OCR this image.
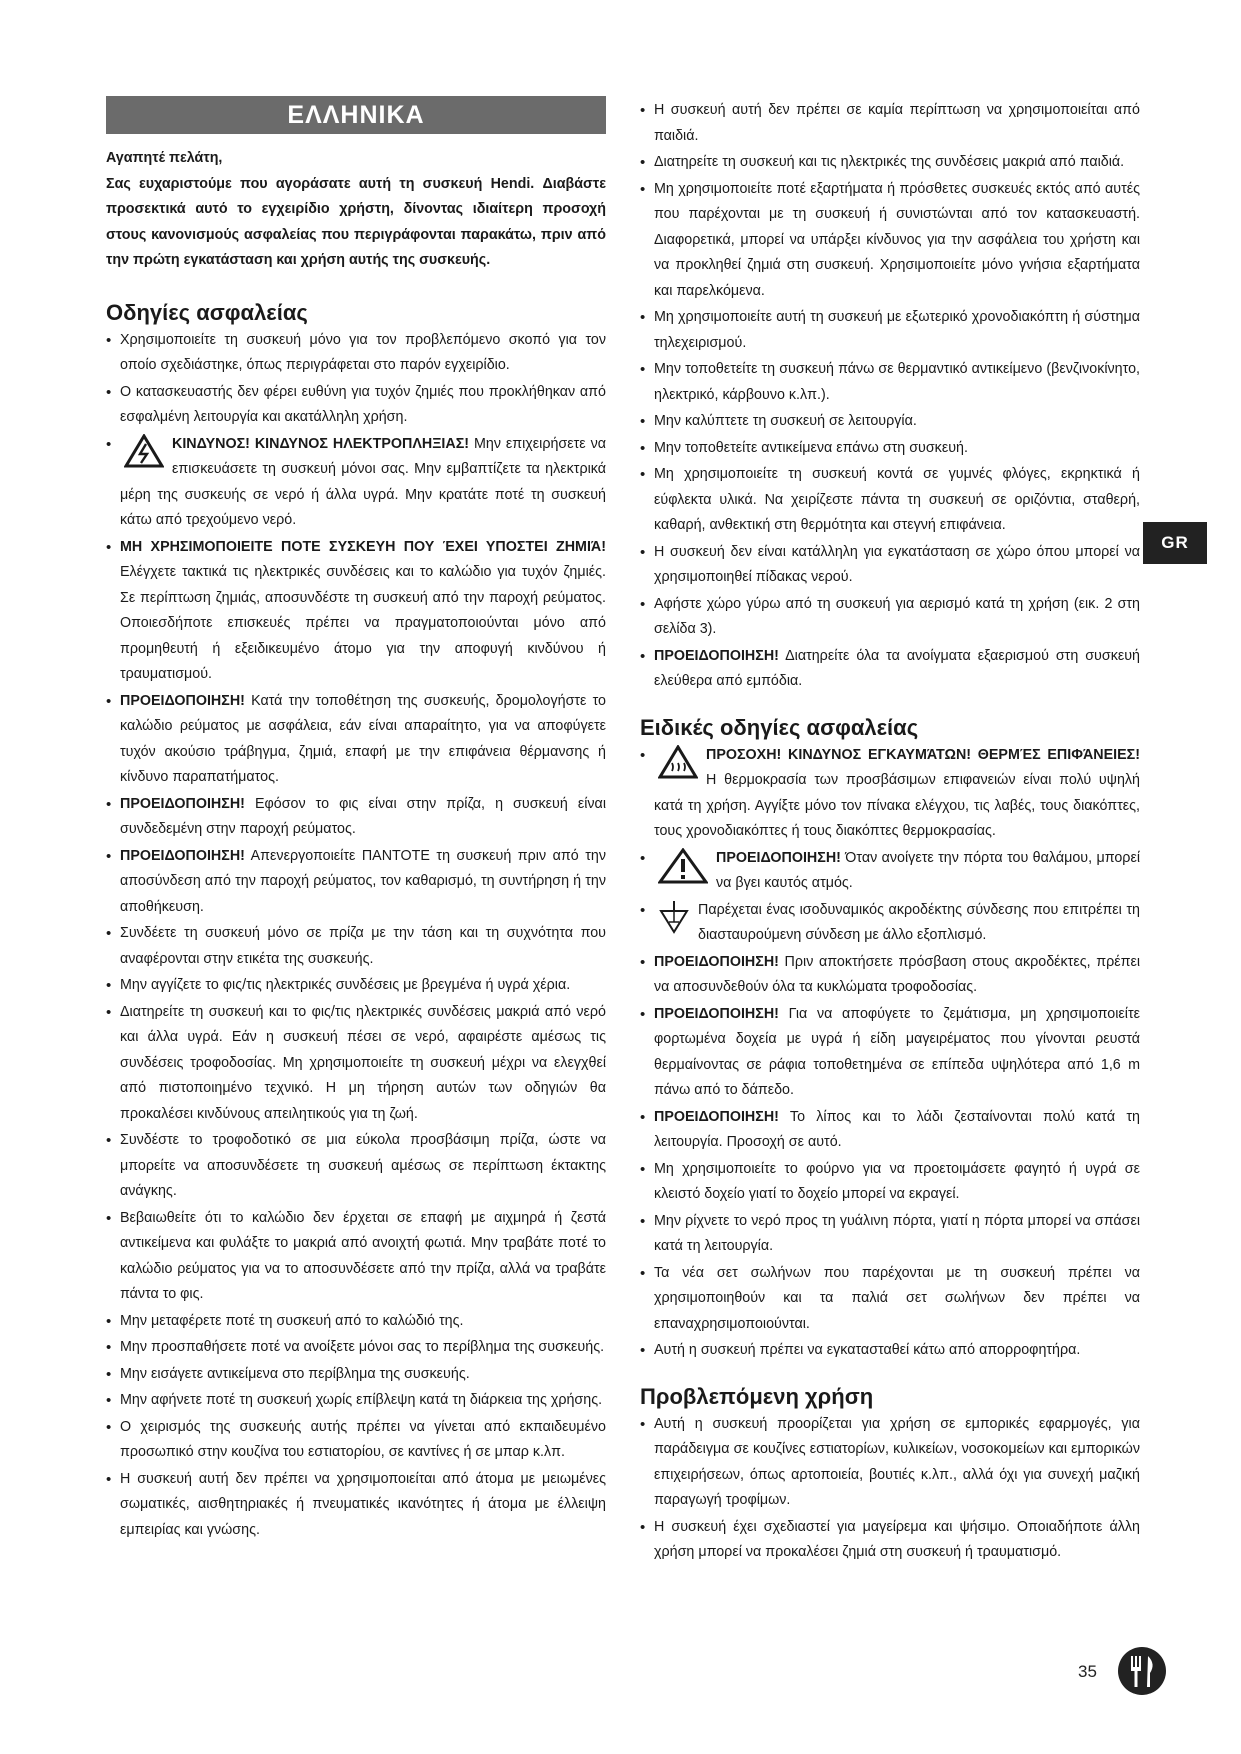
ΕΛΛΗΝΙΚΑ

Αγαπητέ πελάτη,

Σας ευχαριστούμε που αγοράσατε αυτή τη συσκευή Hendi. Διαβάστε προσεκτικά αυτό το εγχειρίδιο χρήστη, δίνοντας ιδιαίτερη προσοχή στους κανονισμούς ασφαλείας που περιγράφονται παρακάτω, πριν από την πρώτη εγκατάσταση και χρήση αυτής της συσκευής.

Οδηγίες ασφαλείας
• Χρησιμοποιείτε τη συσκευή μόνο για τον προβλεπόμενο σκοπό για τον οποίο σχεδιάστηκε, όπως περιγράφεται στο παρόν εγχειρίδιο.
• Ο κατασκευαστής δεν φέρει ευθύνη για τυχόν ζημιές που προκλήθηκαν από εσφαλμένη λειτουργία και ακατάλληλη χρήση.
• ΚΙΝΔΥΝΟΣ! ΚΙΝΔΥΝΟΣ ΗΛΕΚΤΡΟΠΛΗΞΙΑΣ! Μην επιχειρήσετε να επισκευάσετε τη συσκευή μόνοι σας. Μην εμβαπτίζετε τα ηλεκτρικά μέρη της συσκευής σε νερό ή άλλα υγρά. Μην κρατάτε ποτέ τη συσκευή κάτω από τρεχούμενο νερό.
• ΜΗ ΧΡΗΣΙΜΟΠΟΙΕΙΤΕ ΠΟΤΕ ΣΥΣΚΕΥΗ ΠΟΥ ΈΧΕΙ ΥΠΟΣΤΕΙ ΖΗΜΙΆ! Ελέγχετε τακτικά τις ηλεκτρικές συνδέσεις και το καλώδιο για τυχόν ζημιές. Σε περίπτωση ζημιάς, αποσυνδέστε τη συσκευή από την παροχή ρεύματος. Οποιεσδήποτε επισκευές πρέπει να πραγματοποιούνται μόνο από προμηθευτή ή εξειδικευμένο άτομο για την αποφυγή κινδύνου ή τραυματισμού.
• ΠΡΟΕΙΔΟΠΟΙΗΣΗ! Κατά την τοποθέτηση της συσκευής, δρομολογήστε το καλώδιο ρεύματος με ασφάλεια, εάν είναι απαραίτητο, για να αποφύγετε τυχόν ακούσιο τράβηγμα, ζημιά, επαφή με την επιφάνεια θέρμανσης ή κίνδυνο παραπατήματος.
• ΠΡΟΕΙΔΟΠΟΙΗΣΗ! Εφόσον το φις είναι στην πρίζα, η συσκευή είναι συνδεδεμένη στην παροχή ρεύματος.
• ΠΡΟΕΙΔΟΠΟΙΗΣΗ! Απενεργοποιείτε ΠΑΝΤΟΤΕ τη συσκευή πριν από την αποσύνδεση από την παροχή ρεύματος, τον καθαρισμό, τη συντήρηση ή την αποθήκευση.
• Συνδέετε τη συσκευή μόνο σε πρίζα με την τάση και τη συχνότητα που αναφέρονται στην ετικέτα της συσκευής.
• Μην αγγίζετε το φις/τις ηλεκτρικές συνδέσεις με βρεγμένα ή υγρά χέρια.
• Διατηρείτε τη συσκευή και το φις/τις ηλεκτρικές συνδέσεις μακριά από νερό και άλλα υγρά. Εάν η συσκευή πέσει σε νερό, αφαιρέστε αμέσως τις συνδέσεις τροφοδοσίας. Μη χρησιμοποιείτε τη συσκευή μέχρι να ελεγχθεί από πιστοποιημένο τεχνικό. Η μη τήρηση αυτών των οδηγιών θα προκαλέσει κινδύνους απειλητικούς για τη ζωή.
• Συνδέστε το τροφοδοτικό σε μια εύκολα προσβάσιμη πρίζα, ώστε να μπορείτε να αποσυνδέσετε τη συσκευή αμέσως σε περίπτωση έκτακτης ανάγκης.
• Βεβαιωθείτε ότι το καλώδιο δεν έρχεται σε επαφή με αιχμηρά ή ζεστά αντικείμενα και φυλάξτε το μακριά από ανοιχτή φωτιά. Μην τραβάτε ποτέ το καλώδιο ρεύματος για να το αποσυνδέσετε από την πρίζα, αλλά να τραβάτε πάντα το φις.
• Μην μεταφέρετε ποτέ τη συσκευή από το καλώδιό της.
• Μην προσπαθήσετε ποτέ να ανοίξετε μόνοι σας το περίβλημα της συσκευής.
• Μην εισάγετε αντικείμενα στο περίβλημα της συσκευής.
• Μην αφήνετε ποτέ τη συσκευή χωρίς επίβλεψη κατά τη διάρκεια της χρήσης.
• Ο χειρισμός της συσκευής αυτής πρέπει να γίνεται από εκπαιδευμένο προσωπικό στην κουζίνα του εστιατορίου, σε καντίνες ή σε μπαρ κ.λπ.
• Η συσκευή αυτή δεν πρέπει να χρησιμοποιείται από άτομα με μειωμένες σωματικές, αισθητηριακές ή πνευματικές ικανότητες ή άτομα με έλλειψη εμπειρίας και γνώσης.
• Η συσκευή αυτή δεν πρέπει σε καμία περίπτωση να χρησιμοποιείται από παιδιά.
• Διατηρείτε τη συσκευή και τις ηλεκτρικές της συνδέσεις μακριά από παιδιά.
• Μη χρησιμοποιείτε ποτέ εξαρτήματα ή πρόσθετες συσκευές εκτός από αυτές που παρέχονται με τη συσκευή ή συνιστώνται από τον κατασκευαστή. Διαφορετικά, μπορεί να υπάρξει κίνδυνος για την ασφάλεια του χρήστη και να προκληθεί ζημιά στη συσκευή. Χρησιμοποιείτε μόνο γνήσια εξαρτήματα και παρελκόμενα.
• Μη χρησιμοποιείτε αυτή τη συσκευή με εξωτερικό χρονοδιακόπτη ή σύστημα τηλεχειρισμού.
• Μην τοποθετείτε τη συσκευή πάνω σε θερμαντικό αντικείμενο (βενζινοκίνητο, ηλεκτρικό, κάρβουνο κ.λπ.).
• Μην καλύπτετε τη συσκευή σε λειτουργία.
• Μην τοποθετείτε αντικείμενα επάνω στη συσκευή.
• Μη χρησιμοποιείτε τη συσκευή κοντά σε γυμνές φλόγες, εκρηκτικά ή εύφλεκτα υλικά. Να χειρίζεστε πάντα τη συσκευή σε οριζόντια, σταθερή, καθαρή, ανθεκτική στη θερμότητα και στεγνή επιφάνεια.
• Η συσκευή δεν είναι κατάλληλη για εγκατάσταση σε χώρο όπου μπορεί να χρησιμοποιηθεί πίδακας νερού.
• Αφήστε χώρο γύρω από τη συσκευή για αερισμό κατά τη χρήση (εικ. 2 στη σελίδα 3).
• ΠΡΟΕΙΔΟΠΟΙΗΣΗ! Διατηρείτε όλα τα ανοίγματα εξαερισμού στη συσκευή ελεύθερα από εμπόδια.
Ειδικές οδηγίες ασφαλείας
• ΠΡΟΣΟΧΗ! ΚΙΝΔΥΝΟΣ ΕΓΚΑΥΜΆΤΩΝ! ΘΕΡΜΈΣ ΕΠΙΦΆΝΕΙΕΣ! Η θερμοκρασία των προσβάσιμων επιφανειών είναι πολύ υψηλή κατά τη χρήση. Αγγίξτε μόνο τον πίνακα ελέγχου, τις λαβές, τους διακόπτες, τους χρονοδιακόπτες ή τους διακόπτες θερμοκρασίας.
• ΠΡΟΕΙΔΟΠΟΙΗΣΗ! Όταν ανοίγετε την πόρτα του θαλάμου, μπορεί να βγει καυτός ατμός.
• Παρέχεται ένας ισοδυναμικός ακροδέκτης σύνδεσης που επιτρέπει τη διασταυρούμενη σύνδεση με άλλο εξοπλισμό.
• ΠΡΟΕΙΔΟΠΟΙΗΣΗ! Πριν αποκτήσετε πρόσβαση στους ακροδέκτες, πρέπει να αποσυνδεθούν όλα τα κυκλώματα τροφοδοσίας.
• ΠΡΟΕΙΔΟΠΟΙΗΣΗ! Για να αποφύγετε το ζεμάτισμα, μη χρησιμοποιείτε φορτωμένα δοχεία με υγρά ή είδη μαγειρέματος που γίνονται ρευστά θερμαίνοντας σε ράφια τοποθετημένα σε επίπεδα υψηλότερα από 1,6 m πάνω από το δάπεδο.
• ΠΡΟΕΙΔΟΠΟΙΗΣΗ! Το λίπος και το λάδι ζεσταίνονται πολύ κατά τη λειτουργία. Προσοχή σε αυτό.
• Μη χρησιμοποιείτε το φούρνο για να προετοιμάσετε φαγητό ή υγρά σε κλειστό δοχείο γιατί το δοχείο μπορεί να εκραγεί.
• Μην ρίχνετε το νερό προς τη γυάλινη πόρτα, γιατί η πόρτα μπορεί να σπάσει κατά τη λειτουργία.
• Τα νέα σετ σωλήνων που παρέχονται με τη συσκευή πρέπει να χρησιμοποιηθούν και τα παλιά σετ σωλήνων δεν πρέπει να επαναχρησιμοποιούνται.
• Αυτή η συσκευή πρέπει να εγκατασταθεί κάτω από απορροφητήρα.
Προβλεπόμενη χρήση
• Αυτή η συσκευή προορίζεται για χρήση σε εμπορικές εφαρμογές, για παράδειγμα σε κουζίνες εστιατορίων, κυλικείων, νοσοκομείων και εμπορικών επιχειρήσεων, όπως αρτοποιεία, βουτιές κ.λπ., αλλά όχι για συνεχή μαζική παραγωγή τροφίμων.
• Η συσκευή έχει σχεδιαστεί για μαγείρεμα και ψήσιμο. Οποιαδήποτε άλλη χρήση μπορεί να προκαλέσει ζημιά στη συσκευή ή τραυματισμό.
GR
35
